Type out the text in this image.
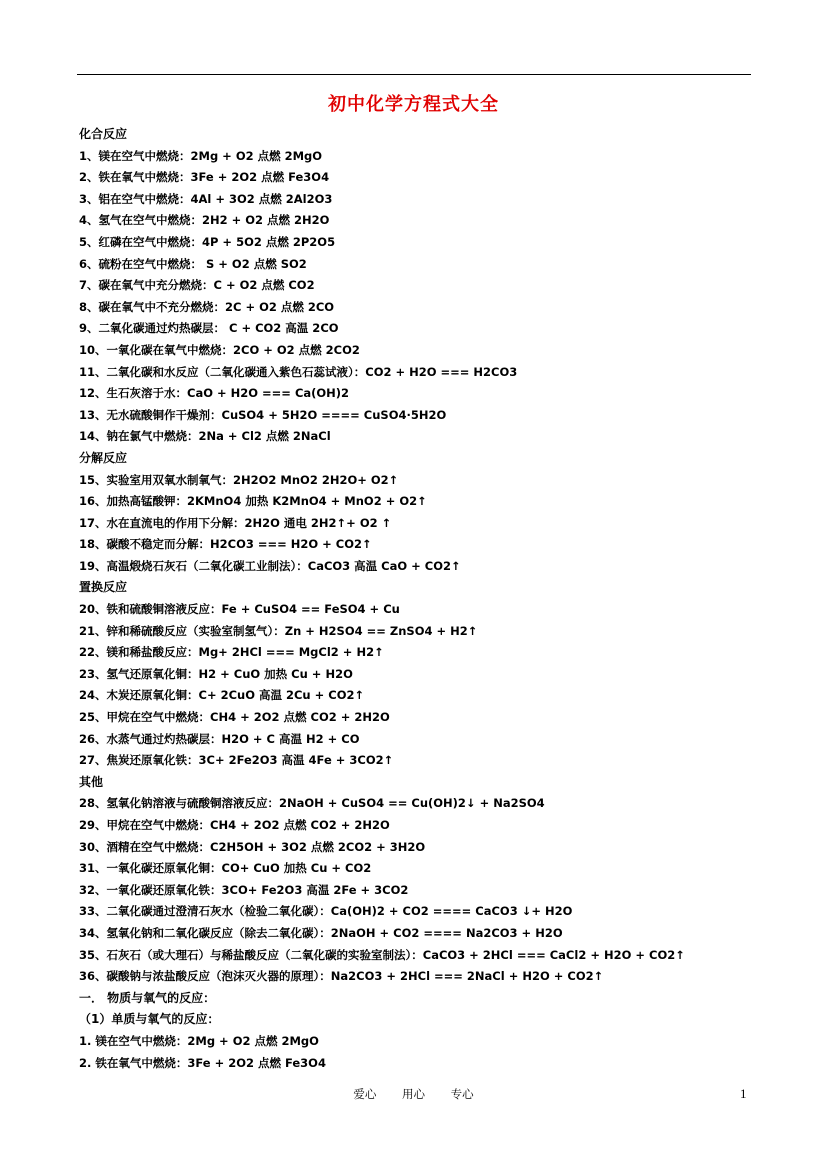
初中化学方程式大全
化合反应
1、镁在空气中燃烧：2Mg + O2 点燃 2MgO
2、铁在氧气中燃烧：3Fe + 2O2 点燃 Fe3O4
3、铝在空气中燃烧：4Al + 3O2 点燃 2Al2O3
4、氢气在空气中燃烧：2H2 + O2 点燃 2H2O
5、红磷在空气中燃烧：4P + 5O2 点燃 2P2O5
6、硫粉在空气中燃烧： S + O2 点燃 SO2
7、碳在氧气中充分燃烧：C + O2 点燃 CO2
8、碳在氧气中不充分燃烧：2C + O2 点燃 2CO
9、二氧化碳通过灼热碳层： C + CO2 高温 2CO
10、一氧化碳在氧气中燃烧：2CO + O2 点燃 2CO2
11、二氧化碳和水反应（二氧化碳通入紫色石蕊试液）：CO2 + H2O === H2CO3
12、生石灰溶于水：CaO + H2O === Ca(OH)2
13、无水硫酸铜作干燥剂：CuSO4 + 5H2O ==== CuSO4·5H2O
14、钠在氯气中燃烧：2Na + Cl2 点燃 2NaCl
分解反应
15、实验室用双氧水制氧气：2H2O2 MnO2 2H2O+ O2↑
16、加热高锰酸钾：2KMnO4 加热 K2MnO4 + MnO2 + O2↑
17、水在直流电的作用下分解：2H2O 通电 2H2↑+ O2 ↑
18、碳酸不稳定而分解：H2CO3 === H2O + CO2↑
19、高温煅烧石灰石（二氧化碳工业制法）：CaCO3 高温 CaO + CO2↑
置换反应
20、铁和硫酸铜溶液反应：Fe + CuSO4 == FeSO4 + Cu
21、锌和稀硫酸反应（实验室制氢气）：Zn + H2SO4 == ZnSO4 + H2↑
22、镁和稀盐酸反应：Mg+ 2HCl === MgCl2 + H2↑
23、氢气还原氧化铜：H2 + CuO 加热 Cu + H2O
24、木炭还原氧化铜：C+ 2CuO 高温 2Cu + CO2↑
25、甲烷在空气中燃烧：CH4 + 2O2 点燃 CO2 + 2H2O
26、水蒸气通过灼热碳层：H2O + C 高温 H2 + CO
27、焦炭还原氧化铁：3C+ 2Fe2O3 高温 4Fe + 3CO2↑
其他
28、氢氧化钠溶液与硫酸铜溶液反应：2NaOH + CuSO4 == Cu(OH)2↓ + Na2SO4
29、甲烷在空气中燃烧：CH4 + 2O2 点燃 CO2 + 2H2O
30、酒精在空气中燃烧：C2H5OH + 3O2 点燃 2CO2 + 3H2O
31、一氧化碳还原氧化铜：CO+ CuO 加热 Cu + CO2
32、一氧化碳还原氧化铁：3CO+ Fe2O3 高温 2Fe + 3CO2
33、二氧化碳通过澄清石灰水（检验二氧化碳）：Ca(OH)2 + CO2 ==== CaCO3 ↓+ H2O
34、氢氧化钠和二氧化碳反应（除去二氧化碳）：2NaOH + CO2 ==== Na2CO3 + H2O
35、石灰石（或大理石）与稀盐酸反应（二氧化碳的实验室制法）：CaCO3 + 2HCl === CaCl2 + H2O + CO2↑
36、碳酸钠与浓盐酸反应（泡沫灭火器的原理）：Na2CO3 + 2HCl === 2NaCl + H2O + CO2↑
一． 物质与氧气的反应：
（1）单质与氧气的反应：
1. 镁在空气中燃烧：2Mg + O2 点燃 2MgO
2. 铁在氧气中燃烧：3Fe + 2O2 点燃 Fe3O4
爱心 用心 专心	1
